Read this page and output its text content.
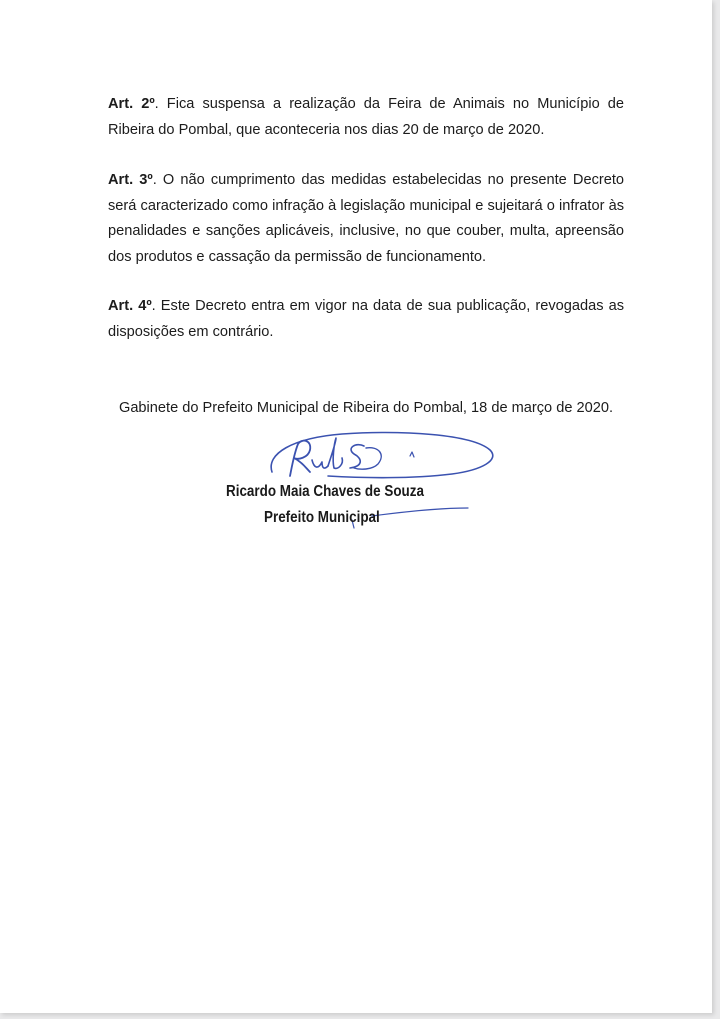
Art. 2º. Fica suspensa a realização da Feira de Animais no Município de Ribeira do Pombal, que aconteceria nos dias 20 de março de 2020.

Art. 3º. O não cumprimento das medidas estabelecidas no presente Decreto será caracterizado como infração à legislação municipal e sujeitará o infrator às penalidades e sanções aplicáveis, inclusive, no que couber, multa, apreensão dos produtos e cassação da permissão de funcionamento.

Art. 4º. Este Decreto entra em vigor na data de sua publicação, revogadas as disposições em contrário.

Gabinete do Prefeito Municipal de Ribeira do Pombal, 18 de março de 2020.

Ricardo Maia Chaves de Souza

Prefeito Municipal
